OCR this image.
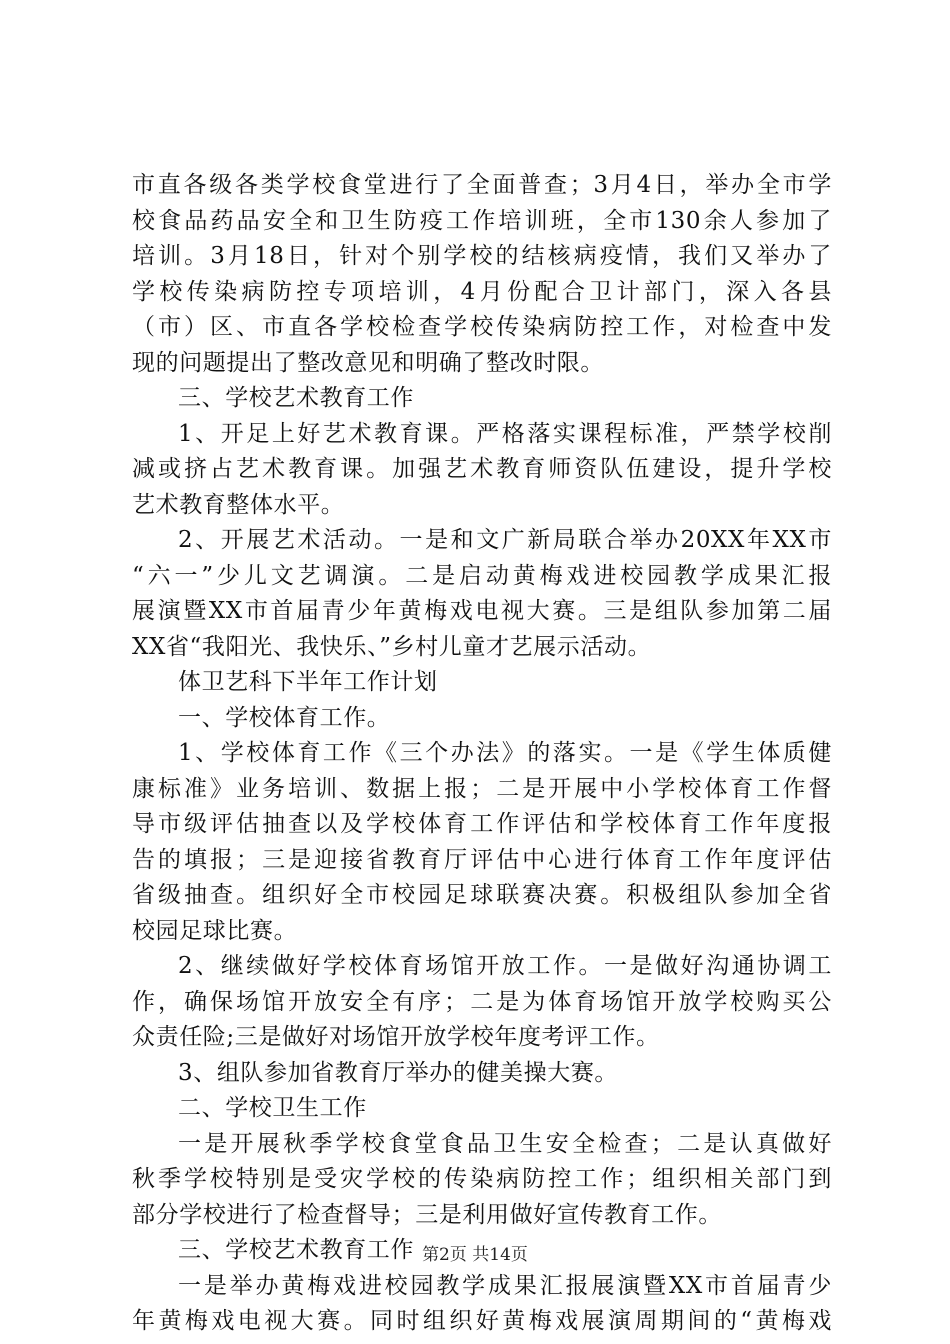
市直各级各类学校食堂进行了全面普查；3月4日，举办全市学
校食品药品安全和卫生防疫工作培训班，全市130余人参加了
培训。3月18日，针对个别学校的结核病疫情，我们又举办了
学校传染病防控专项培训，4月份配合卫计部门，深入各县
（市）区、市直各学校检查学校传染病防控工作，对检查中发
现的问题提出了整改意见和明确了整改时限。
三、学校艺术教育工作
1、开足上好艺术教育课。严格落实课程标准，严禁学校削
减或挤占艺术教育课。加强艺术教育师资队伍建设，提升学校
艺术教育整体水平。
2、开展艺术活动。一是和文广新局联合举办20XX年XX市
“六一”少儿文艺调演。二是启动黄梅戏进校园教学成果汇报
展演暨XX市首届青少年黄梅戏电视大赛。三是组队参加第二届
XX省“我阳光、我快乐、”乡村儿童才艺展示活动。
体卫艺科下半年工作计划
一、学校体育工作。
1、学校体育工作《三个办法》的落实。一是《学生体质健
康标准》业务培训、数据上报；二是开展中小学校体育工作督
导市级评估抽查以及学校体育工作评估和学校体育工作年度报
告的填报；三是迎接省教育厅评估中心进行体育工作年度评估
省级抽查。组织好全市校园足球联赛决赛。积极组队参加全省
校园足球比赛。
2、继续做好学校体育场馆开放工作。一是做好沟通协调工
作，确保场馆开放安全有序；二是为体育场馆开放学校购买公
众责任险;三是做好对场馆开放学校年度考评工作。
3、组队参加省教育厅举办的健美操大赛。
二、学校卫生工作
一是开展秋季学校食堂食品卫生安全检查；二是认真做好
秋季学校特别是受灾学校的传染病防控工作；组织相关部门到
部分学校进行了检查督导；三是利用做好宣传教育工作。
三、学校艺术教育工作
一是举办黄梅戏进校园教学成果汇报展演暨XX市首届青少
年黄梅戏电视大赛。同时组织好黄梅戏展演周期间的“黄梅戏
第2页 共14页
